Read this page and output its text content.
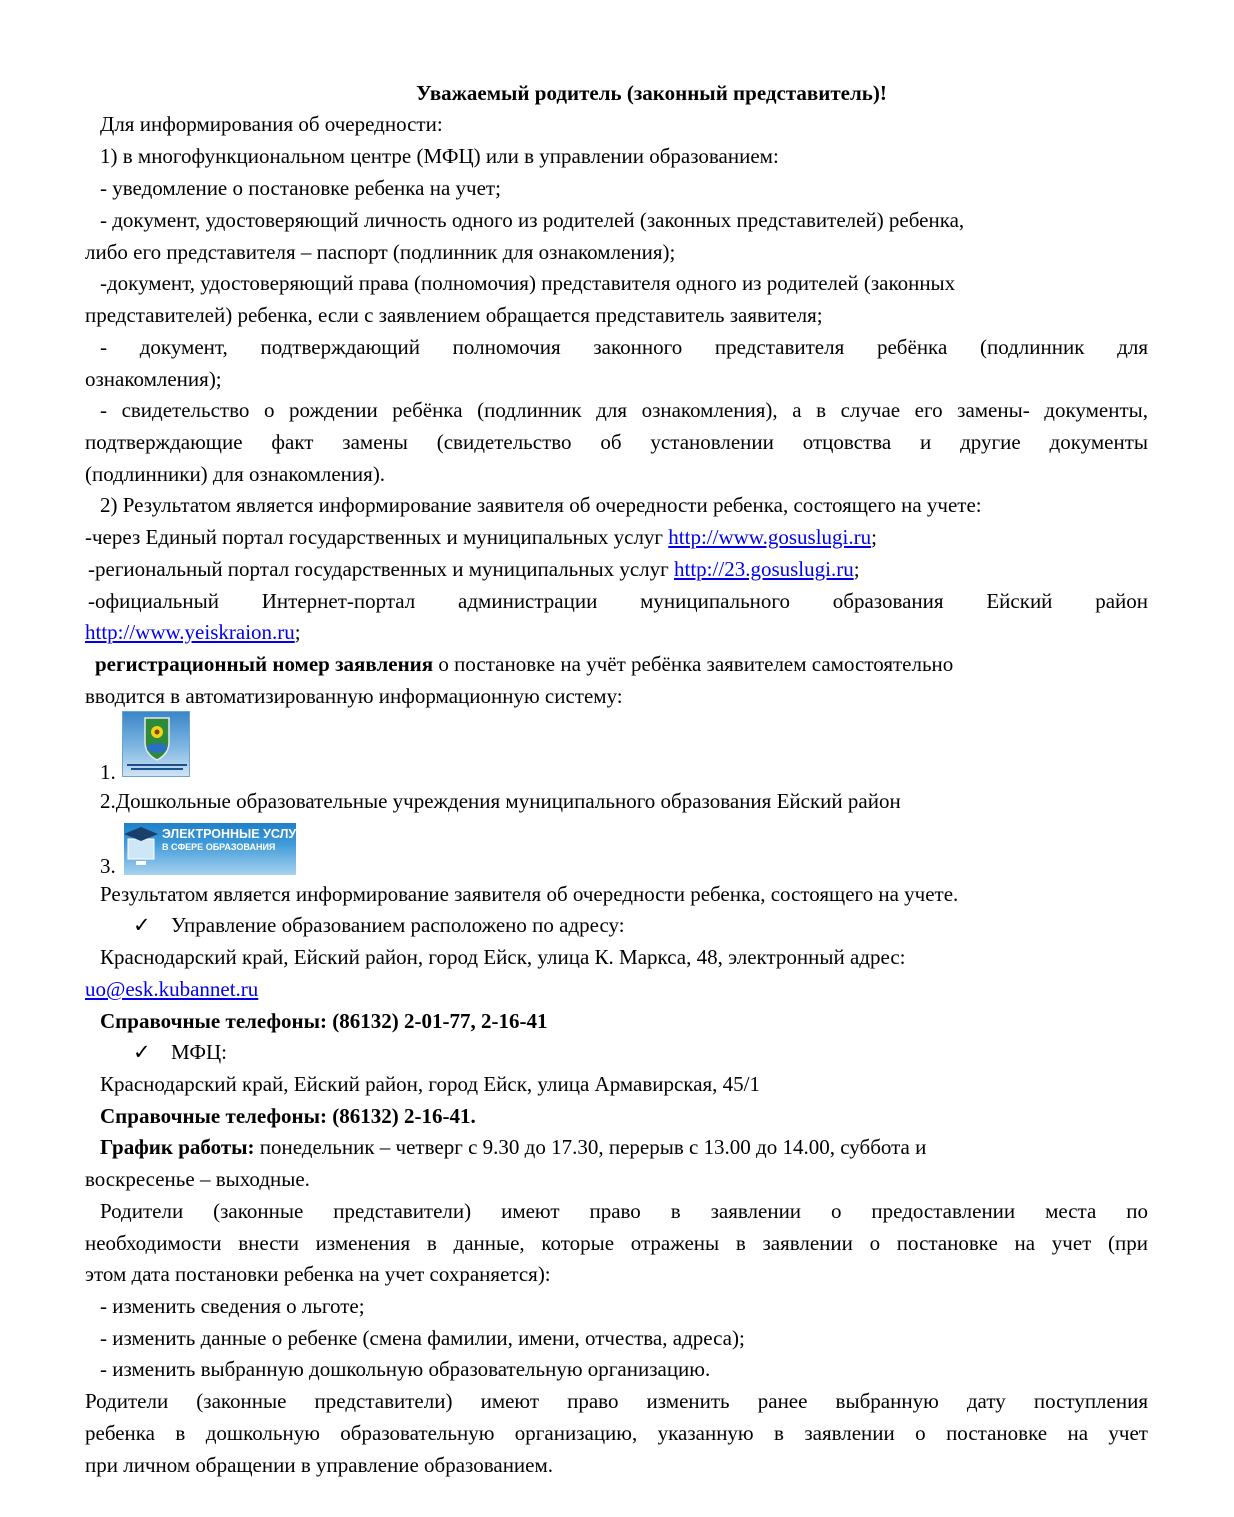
Уважаемый родитель (законный представитель)!
Для информирования об очередности:
1) в многофункциональном центре (МФЦ) или в управлении образованием:
- уведомление о постановке ребенка на учет;
- документ, удостоверяющий личность одного из родителей (законных представителей) ребенка,
либо его представителя – паспорт (подлинник для ознакомления);
-документ, удостоверяющий права (полномочия) представителя одного из родителей (законных
представителей) ребенка, если с заявлением обращается представитель заявителя;
- документ, подтверждающий полномочия законного представителя ребёнка (подлинник для
ознакомления);
- свидетельство о рождении ребёнка (подлинник для ознакомления), а в случае его замены- документы,
подтверждающие факт замены (свидетельство об установлении отцовства и другие документы
(подлинники) для ознакомления).
2) Результатом является информирование заявителя об очередности ребенка, состоящего на учете:
-через Единый портал государственных и муниципальных услуг http://www.gosuslugi.ru;
-региональный портал государственных и муниципальных услуг http://23.gosuslugi.ru;
-официальный Интернет-портал администрации муниципального образования Ейский район
http://www.yeiskraion.ru;
регистрационный номер заявления о постановке на учёт ребёнка заявителем самостоятельно
вводится в автоматизированную информационную систему:
1.
2.Дошкольные образовательные учреждения муниципального образования Ейский район
3.
ЭЛЕКТРОННЫЕ УСЛУГИ
В СФЕРЕ ОБРАЗОВАНИЯ
Результатом является информирование заявителя об очередности ребенка, состоящего на учете.
✓ Управление образованием расположено по адресу:
Краснодарский край, Ейский район, город Ейск, улица К. Маркса, 48, электронный адрес:
uo@esk.kubannet.ru
Справочные телефоны: (86132) 2-01-77, 2-16-41
✓ МФЦ:
Краснодарский край, Ейский район, город Ейск, улица Армавирская, 45/1
Справочные телефоны: (86132) 2-16-41.
График работы: понедельник – четверг с 9.30 до 17.30, перерыв с 13.00 до 14.00, суббота и
воскресенье – выходные.
Родители (законные представители) имеют право в заявлении о предоставлении места по
необходимости внести изменения в данные, которые отражены в заявлении о постановке на учет (при
этом дата постановки ребенка на учет сохраняется):
- изменить сведения о льготе;
- изменить данные о ребенке (смена фамилии, имени, отчества, адреса);
- изменить выбранную дошкольную образовательную организацию.
Родители (законные представители) имеют право изменить ранее выбранную дату поступления
ребенка в дошкольную образовательную организацию, указанную в заявлении о постановке на учет
при личном обращении в управление образованием.
